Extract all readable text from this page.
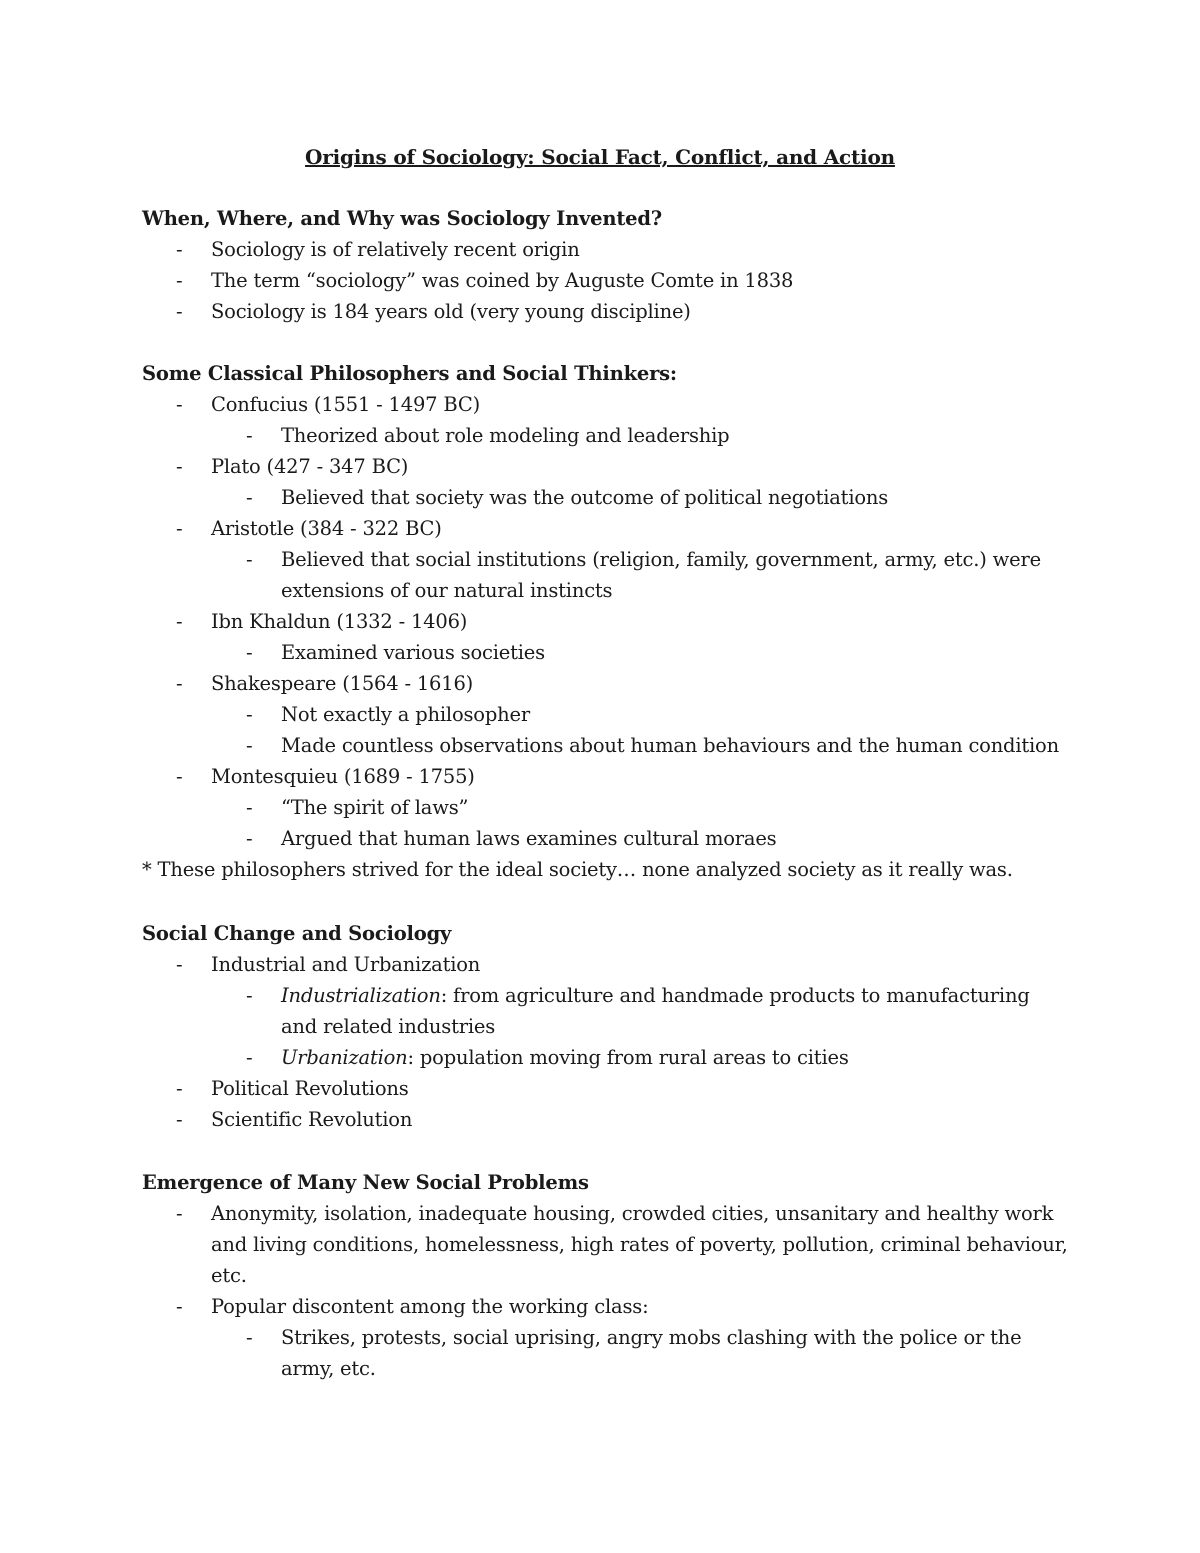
Origins of Sociology: Social Fact, Conflict, and Action
When, Where, and Why was Sociology Invented?
- Sociology is of relatively recent origin
- The term “sociology” was coined by Auguste Comte in 1838
- Sociology is 184 years old (very young discipline)
Some Classical Philosophers and Social Thinkers:
- Confucius (1551 - 1497 BC)
- Theorized about role modeling and leadership
- Plato (427 - 347 BC)
- Believed that society was the outcome of political negotiations
- Aristotle (384 - 322 BC)
- Believed that social institutions (religion, family, government, army, etc.) were extensions of our natural instincts
- Ibn Khaldun (1332 - 1406)
- Examined various societies
- Shakespeare (1564 - 1616)
- Not exactly a philosopher
- Made countless observations about human behaviours and the human condition
- Montesquieu (1689 - 1755)
- “The spirit of laws”
- Argued that human laws examines cultural moraes
* These philosophers strived for the ideal society… none analyzed society as it really was.
Social Change and Sociology
- Industrial and Urbanization
- Industrialization: from agriculture and handmade products to manufacturing and related industries
- Urbanization: population moving from rural areas to cities
- Political Revolutions
- Scientific Revolution
Emergence of Many New Social Problems
- Anonymity, isolation, inadequate housing, crowded cities, unsanitary and healthy work and living conditions, homelessness, high rates of poverty, pollution, criminal behaviour, etc.
- Popular discontent among the working class:
- Strikes, protests, social uprising, angry mobs clashing with the police or the army, etc.
